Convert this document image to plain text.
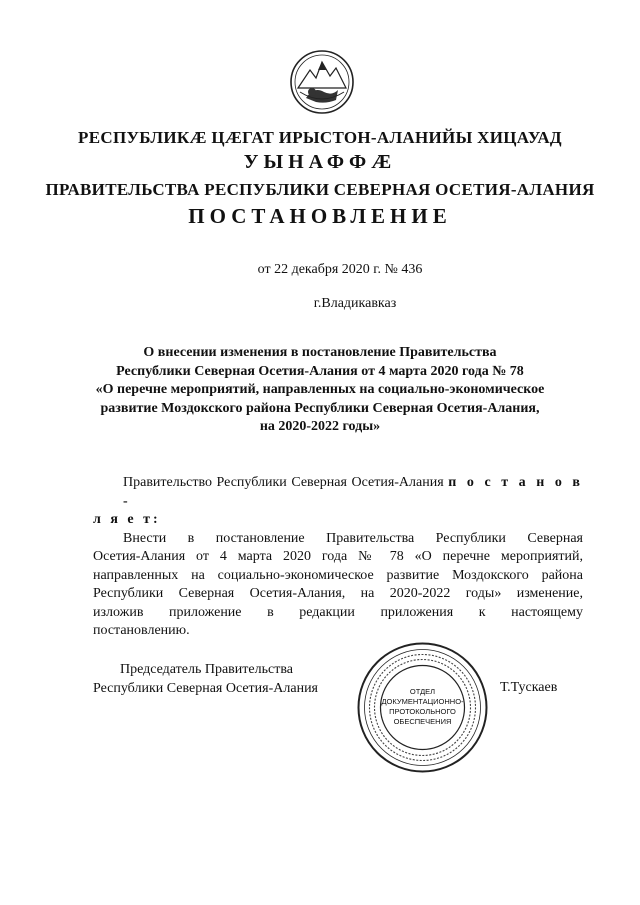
РЕСПУБЛИКӔ ЦӔГАТ ИРЫСТОН-АЛАНИЙЫ ХИЦАУАД
УЫНАФФӔ
ПРАВИТЕЛЬСТВА РЕСПУБЛИКИ СЕВЕРНАЯ ОСЕТИЯ-АЛАНИЯ
ПОСТАНОВЛЕНИЕ
от 22 декабря 2020 г. № 436
г.Владикавказ
О внесении изменения в постановление Правительства
Республики Северная Осетия-Алания от 4 марта 2020 года № 78
«О перечне мероприятий, направленных на социально-экономическое
развитие Моздокского района Республики Северная Осетия-Алания,
на 2020-2022 годы»
Правительство Республики Северная Осетия-Алания п о с т а н о в -
л я е т:
Внести в постановление Правительства Республики Северная
Осетия-Алания от 4 марта 2020 года № 78 «О перечне мероприятий,
направленных на социально-экономическое развитие Моздокского района
Республики Северная Осетия-Алания, на 2020-2022 годы» изменение,
изложив приложение в редакции приложения к настоящему
постановлению.
Председатель Правительства
Республики Северная Осетия-Алания	ОТДЕЛ
ДОКУМЕНТАЦИОННО-
ПРОТОКОЛЬНОГО
ОБЕСПЕЧЕНИЯ
Т.Тускаев
